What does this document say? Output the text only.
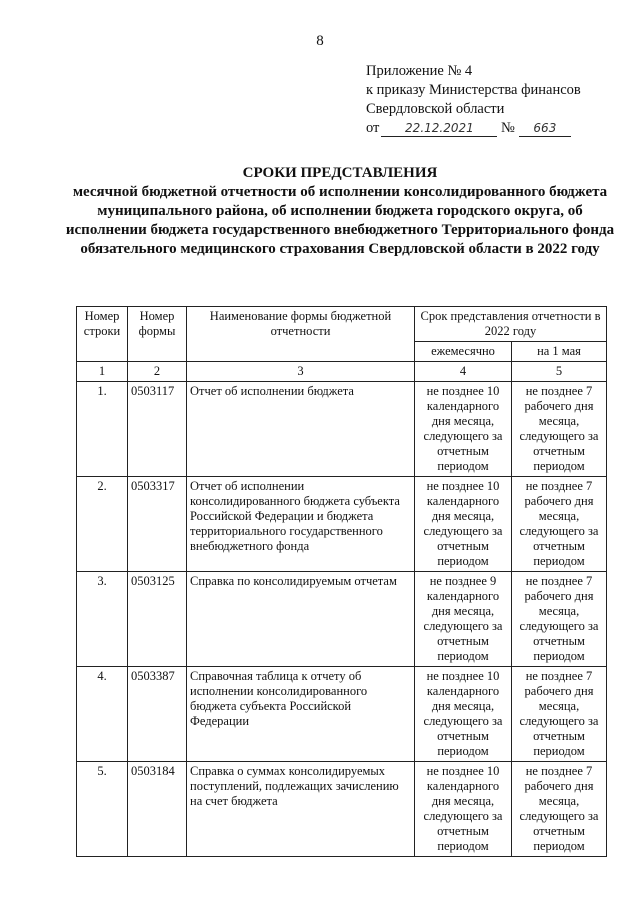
8
Приложение № 4
к приказу Министерства финансов
Свердловской области
от 22.12.2021 № 663
СРОКИ ПРЕДСТАВЛЕНИЯ
месячной бюджетной отчетности об исполнении консолидированного бюджета муниципального района, об исполнении бюджета городского округа, об исполнении бюджета государственного внебюджетного Территориального фонда обязательного медицинского страхования Свердловской области в 2022 году
Номер строки	Номер формы	Наименование формы бюджетной отчетности	Срок представления отчетности в 2022 году	
			ежемесячно	на 1 мая
1	2	3	4	5
1.	0503117	Отчет об исполнении бюджета	не позднее 10 календарного дня месяца, следующего за отчетным периодом	не позднее 7 рабочего дня месяца, следующего за отчетным периодом
2.	0503317	Отчет об исполнении консолидированного бюджета субъекта Российской Федерации и бюджета территориального государственного внебюджетного фонда	не позднее 10 календарного дня месяца, следующего за отчетным периодом	не позднее 7 рабочего дня месяца, следующего за отчетным периодом
3.	0503125	Справка по консолидируемым отчетам	не позднее 9 календарного дня месяца, следующего за отчетным периодом	не позднее 7 рабочего дня месяца, следующего за отчетным периодом
4.	0503387	Справочная таблица к отчету об исполнении консолидированного бюджета субъекта Российской Федерации	не позднее 10 календарного дня месяца, следующего за отчетным периодом	не позднее 7 рабочего дня месяца, следующего за отчетным периодом
5.	0503184	Справка о суммах консолидируемых поступлений, подлежащих зачислению на счет бюджета	не позднее 10 календарного дня месяца, следующего за отчетным периодом	не позднее 7 рабочего дня месяца, следующего за отчетным периодом
